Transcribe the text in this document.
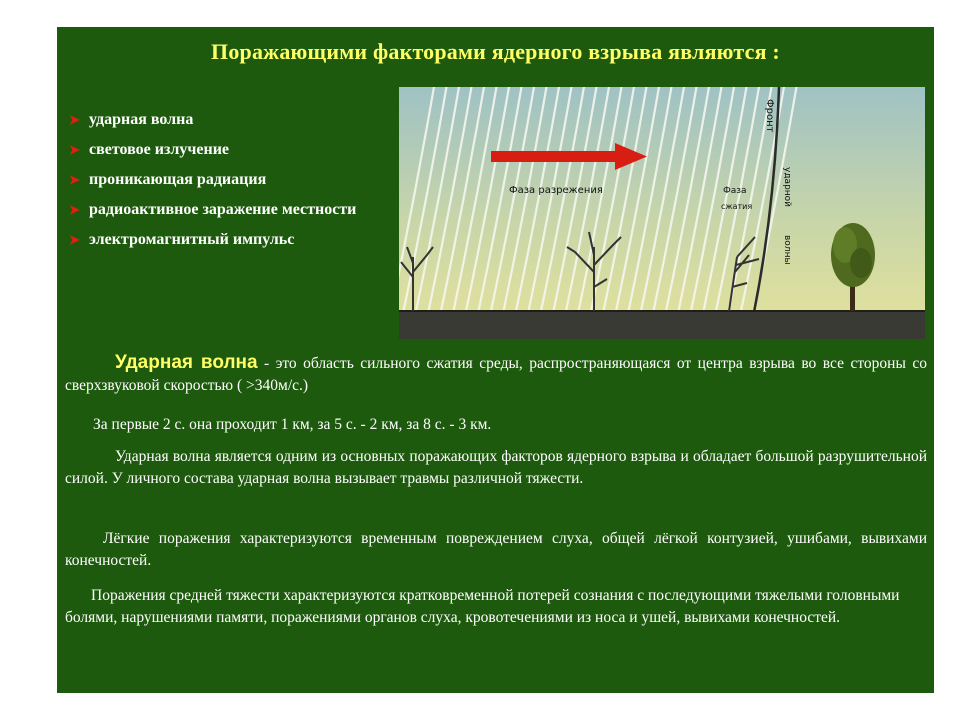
Поражающими факторами ядерного взрыва являются :
➤ ударная волна
➤ световое излучение
➤ проникающая радиация
➤ радиоактивное заражение местности
➤ электромагнитный импульс
Фаза разрежения	Фаза
сжатия
Фронт
ударной
волны

Ударная волна - это область сильного сжатия среды, распространяющаяся от центра взрыва во все стороны со сверхзвуковой скоростью ( >340м/с.)

За первые 2 с. она проходит 1 км, за 5 с. - 2 км, за 8 с. - 3 км.

Ударная волна является одним из основных поражающих факторов ядерного взрыва и обладает большой разрушительной силой. У личного состава ударная волна вызывает травмы различной тяжести.

Лёгкие поражения характеризуются временным повреждением слуха, общей лёгкой контузией, ушибами, вывихами конечностей.

Поражения средней тяжести характеризуются кратковременной потерей сознания с последующими тяжелыми головными болями, нарушениями памяти, поражениями органов слуха, кровотечениями из носа и ушей, вывихами конечностей.
